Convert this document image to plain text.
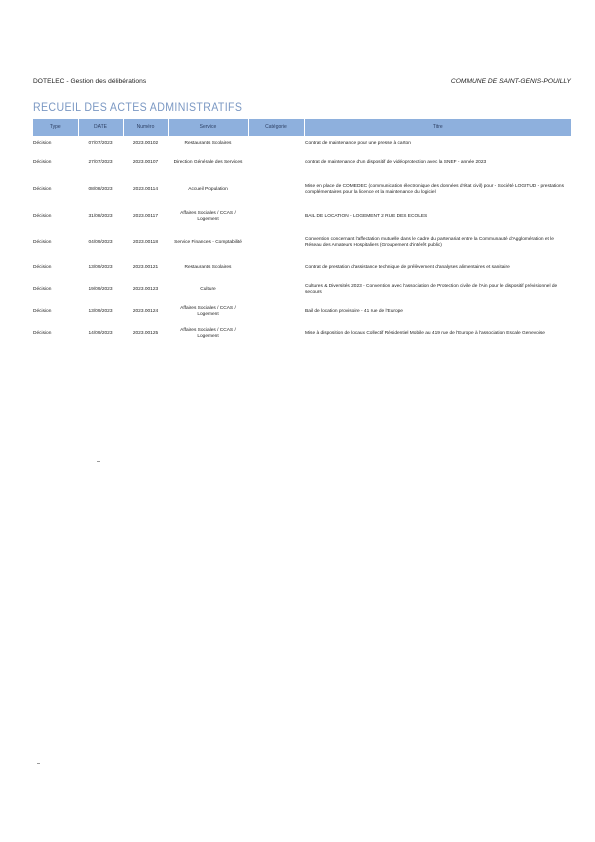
DOTELEC - Gestion des délibérations	COMMUNE DE SAINT-GENIS-POUILLY
RECUEIL DES ACTES ADMINISTRATIFS
Type	DATE	Numéro	Service	Catégorie	Titre
Décision	07/07/2023	2023.00102	Restaurants Scolaires		Contrat de maintenance pour une presse à carton
Décision	27/07/2023	2023.00107	Direction Générale des Services		contrat de maintenance d'un dispositif de vidéoprotection avec la SNEF - année 2023
Décision	08/08/2023	2023.00114	Accueil Population		Mise en place de COMEDEC (communication électronique des données d'état civil) pour - Société LOGITUD - prestations complémentaires pour la licence et la maintenance du logiciel
Décision	31/08/2023	2023.00117	Affaires Sociales / CCAS / Logement		BAIL DE LOCATION - LOGEMENT 2 RUE DES ECOLES
Décision	04/09/2023	2023.00118	Service Finances - Comptabilité		Convention concernant l'affectation mutuelle dans le cadre du partenariat entre la Communauté d'Agglomération et le Réseau des Amateurs Hospitaliers (Groupement d'intérêt public)
Décision	13/09/2023	2023.00121	Restaurants Scolaires		Contrat de prestation d'assistance technique de prélèvement d'analyses alimentaires et sanitaire
Décision	19/09/2023	2023.00123	Culture		Cultures & Diversités 2023 - Convention avec l'association de Protection civile de l'Ain pour le dispositif prévisionnel de secours
Décision	13/09/2023	2023.00124	Affaires Sociales / CCAS / Logement		Bail de location provisoire - 41 rue de l'Europe
Décision	14/09/2023	2023.00125	Affaires Sociales / CCAS / Logement		Mise à disposition de locaux Collectif Résidentiel Mobile au 419 rue de l'Europe à l'association Escale Genevoise
